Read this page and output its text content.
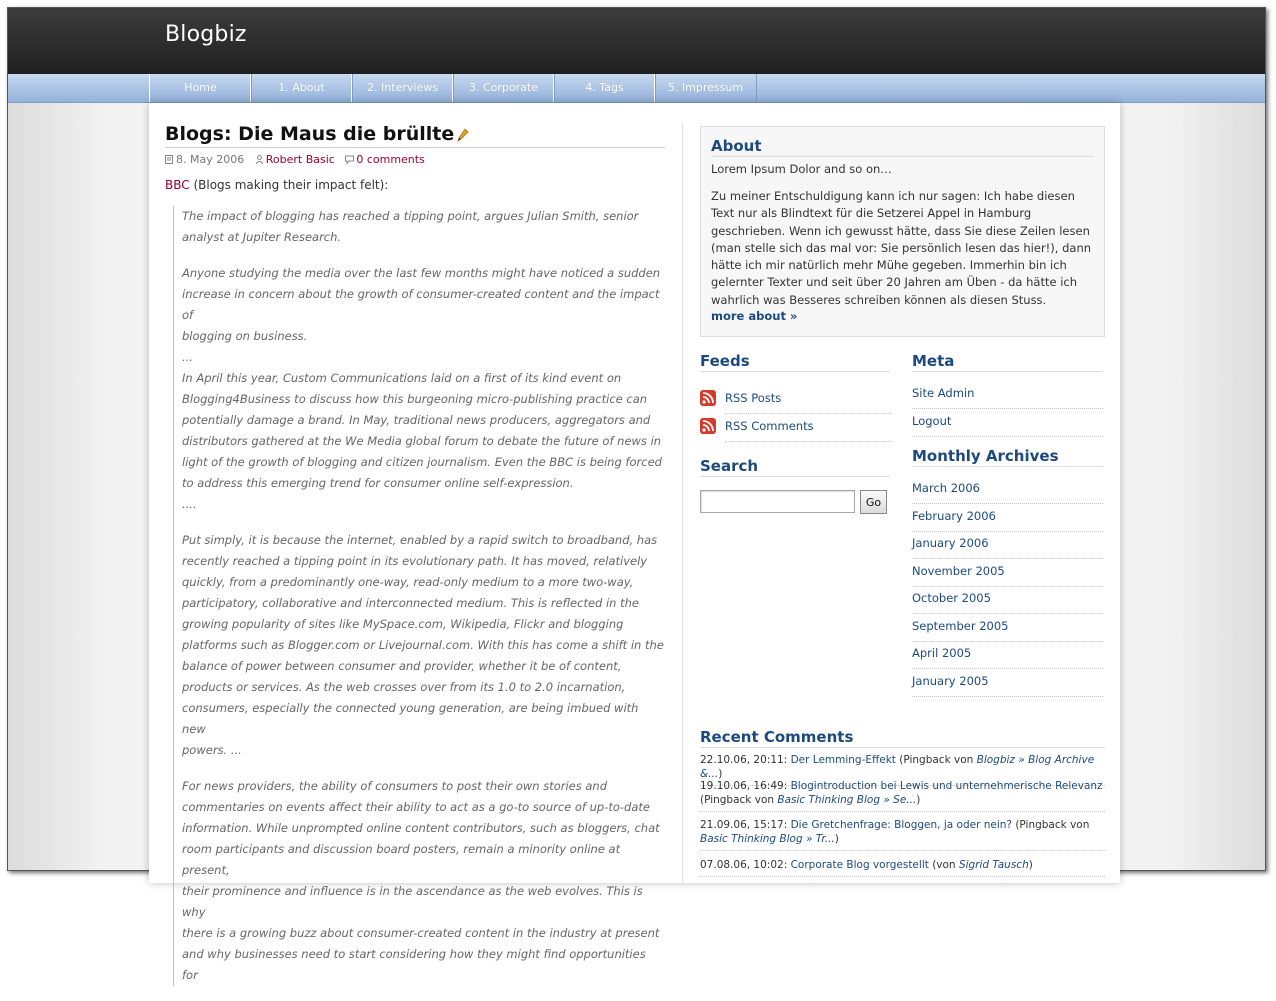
Blogbiz
Home	1. About	2. Interviews	3. Corporate	4. Tags	5. Impressum
Blogs: Die Maus die brüllte
8. May 2006 Robert Basic 0 comments
BBC (Blogs making their impact felt):

The impact of blogging has reached a tipping point, argues Julian Smith, senior
analyst at Jupiter Research.

Anyone studying the media over the last few months might have noticed a sudden
increase in concern about the growth of consumer-created content and the impact of
blogging on business.
...
In April this year, Custom Communications laid on a first of its kind event on
Blogging4Business to discuss how this burgeoning micro-publishing practice can
potentially damage a brand. In May, traditional news producers, aggregators and
distributors gathered at the We Media global forum to debate the future of news in
light of the growth of blogging and citizen journalism. Even the BBC is being forced
to address this emerging trend for consumer online self-expression.
....

Put simply, it is because the internet, enabled by a rapid switch to broadband, has
recently reached a tipping point in its evolutionary path. It has moved, relatively
quickly, from a predominantly one-way, read-only medium to a more two-way,
participatory, collaborative and interconnected medium. This is reflected in the
growing popularity of sites like MySpace.com, Wikipedia, Flickr and blogging
platforms such as Blogger.com or Livejournal.com. With this has come a shift in the
balance of power between consumer and provider, whether it be of content,
products or services. As the web crosses over from its 1.0 to 2.0 incarnation,
consumers, especially the connected young generation, are being imbued with new
powers. ...

For news providers, the ability of consumers to post their own stories and
commentaries on events affect their ability to act as a go-to source of up-to-date
information. While unprompted online content contributors, such as bloggers, chat
room participants and discussion board posters, remain a minority online at present,
their prominence and influence is in the ascendance as the web evolves. This is why
there is a growing buzz about consumer-created content in the industry at present
and why businesses need to start considering how they might find opportunities for

About
Lorem Ipsum Dolor and so on…
Zu meiner Entschuldigung kann ich nur sagen: Ich habe diesen Text nur als Blindtext für die Setzerei Appel in Hamburg geschrieben. Wenn ich gewusst hätte, dass Sie diese Zeilen lesen (man stelle sich das mal vor: Sie persönlich lesen das hier!), dann hätte ich mir natürlich mehr Mühe gegeben. Immerhin bin ich gelernter Texter und seit über 20 Jahren am Üben - da hätte ich wahrlich was Besseres schreiben können als diesen Stuss.
more about »
Feeds
RSS Posts
RSS Comments
Search
Go
Meta
Site Admin
Logout
Monthly Archives
March 2006
February 2006
January 2006
November 2005
October 2005
September 2005
April 2005
January 2005
Recent Comments
22.10.06, 20:11: Der Lemming-Effekt (Pingback von Blogbiz » Blog Archive &...)
19.10.06, 16:49: Blogintroduction bei Lewis und unternehmerische Relevanz (Pingback von Basic Thinking Blog » Se...)
21.09.06, 15:17: Die Gretchenfrage: Bloggen, ja oder nein? (Pingback von Basic Thinking Blog » Tr...)
07.08.06, 10:02: Corporate Blog vorgestellt (von Sigrid Tausch)
